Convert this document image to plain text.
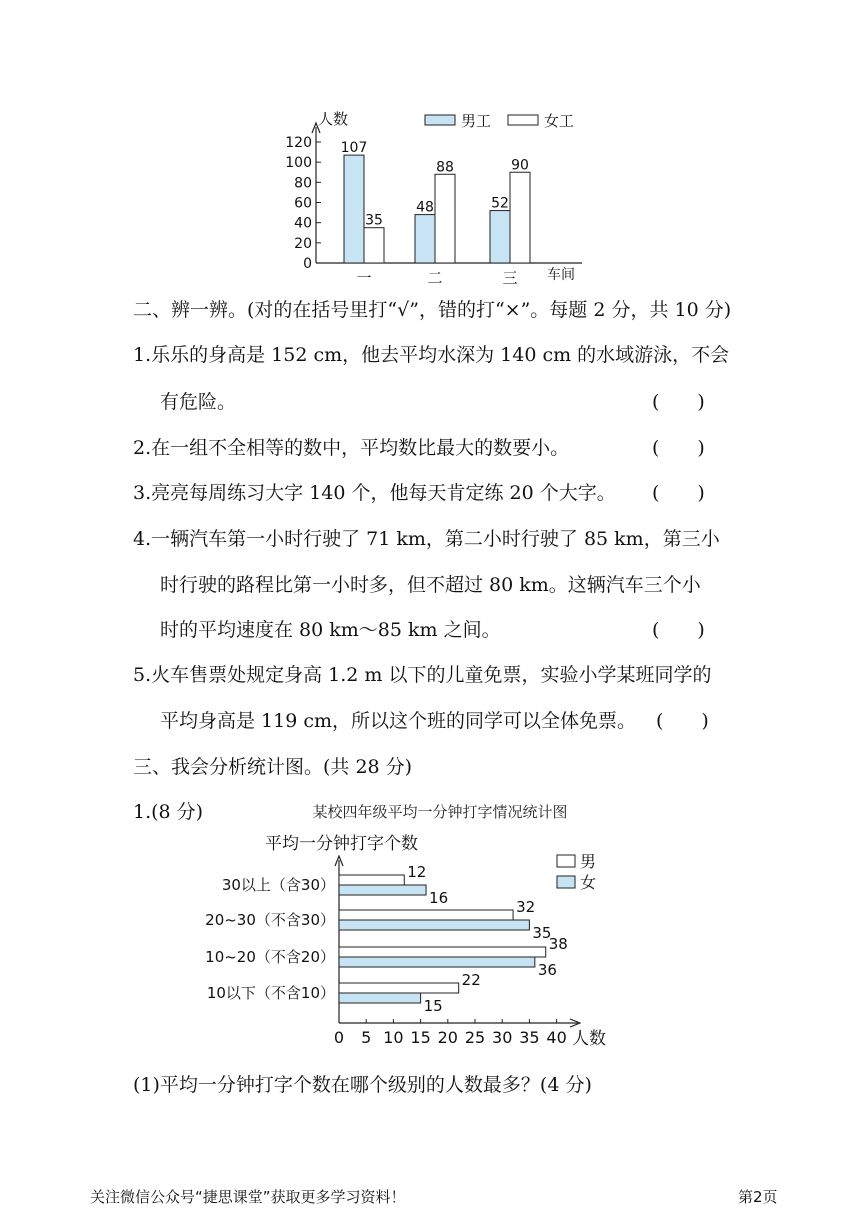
人数
车间
0
20
40
60
80
100
120 107
35
一
48
88
二
52
90
三
男工	女工
二、辨一辨。(对的在括号里打“√”，错的打“×”。每题 2 分，共 10 分)
1.乐乐的身高是 152 cm，他去平均水深为 140 cm 的水域游泳，不会
有危险。	( )
2.在一组不全相等的数中，平均数比最大的数要小。	( )
3.亮亮每周练习大字 140 个，他每天肯定练 20 个大字。 ( )
4.一辆汽车第一小时行驶了 71 km，第二小时行驶了 85 km，第三小
时行驶的路程比第一小时多，但不超过 80 km。这辆汽车三个小
时的平均速度在 80 km～85 km 之间。	( )
5.火车售票处规定身高 1.2 m 以下的儿童免票，实验小学某班同学的
平均身高是 119 cm，所以这个班的同学可以全体免票。 ( )
三、我会分析统计图。(共 28 分)
1.(8 分)	某校四年级平均一分钟打字情况统计图
平均一分钟打字个数
人数
0 5 10 15 20 25 30 35 40
30以上（含30）
12
16
20~30（不含30）
32
35
10~20（不含20）
38
36
10以下（不含10）
22
15
男
女
(1)平均一分钟打字个数在哪个级别的人数最多？(4 分)
关注微信公众号“捷思课堂”获取更多学习资料！	第2页
